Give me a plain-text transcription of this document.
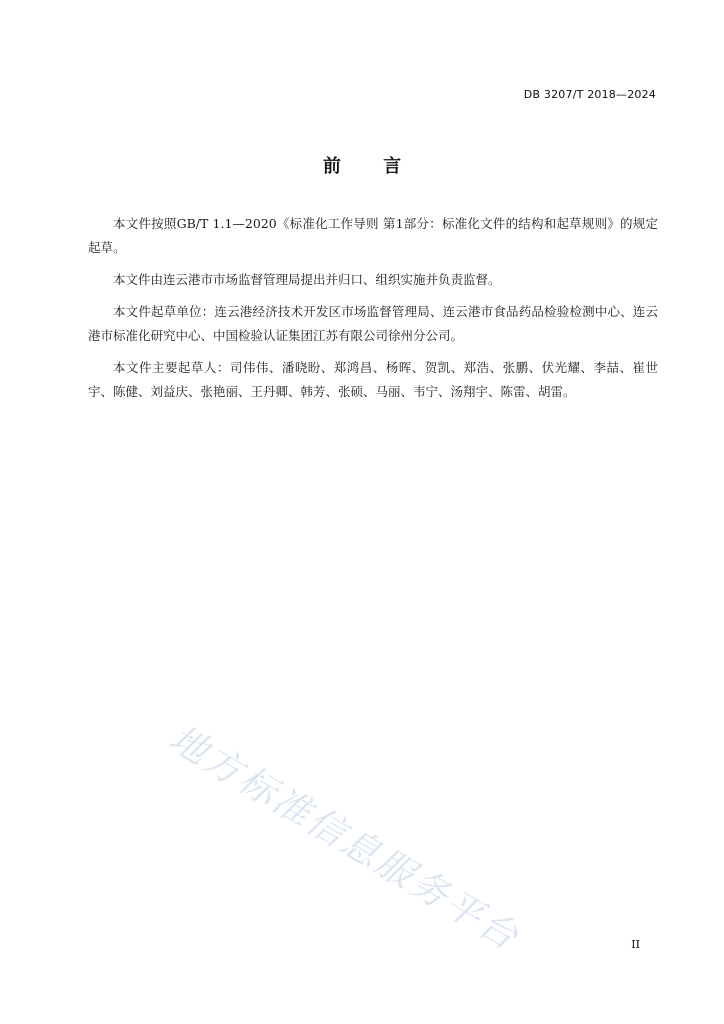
DB 3207/T 2018—2024
前 言

本文件按照GB/T 1.1—2020《标准化工作导则 第1部分：标准化文件的结构和起草规则》的规定起草。

本文件由连云港市市场监督管理局提出并归口、组织实施并负责监督。

本文件起草单位：连云港经济技术开发区市场监督管理局、连云港市食品药品检验检测中心、连云港市标准化研究中心、中国检验认证集团江苏有限公司徐州分公司。

本文件主要起草人：司伟伟、潘晓盼、郑鸿昌、杨晖、贺凯、郑浩、张鹏、伏光耀、李喆、崔世宇、陈健、刘益庆、张艳丽、王丹卿、韩芳、张硕、马丽、韦宁、汤翔宇、陈雷、胡雷。

地方标准信息服务平台	II
